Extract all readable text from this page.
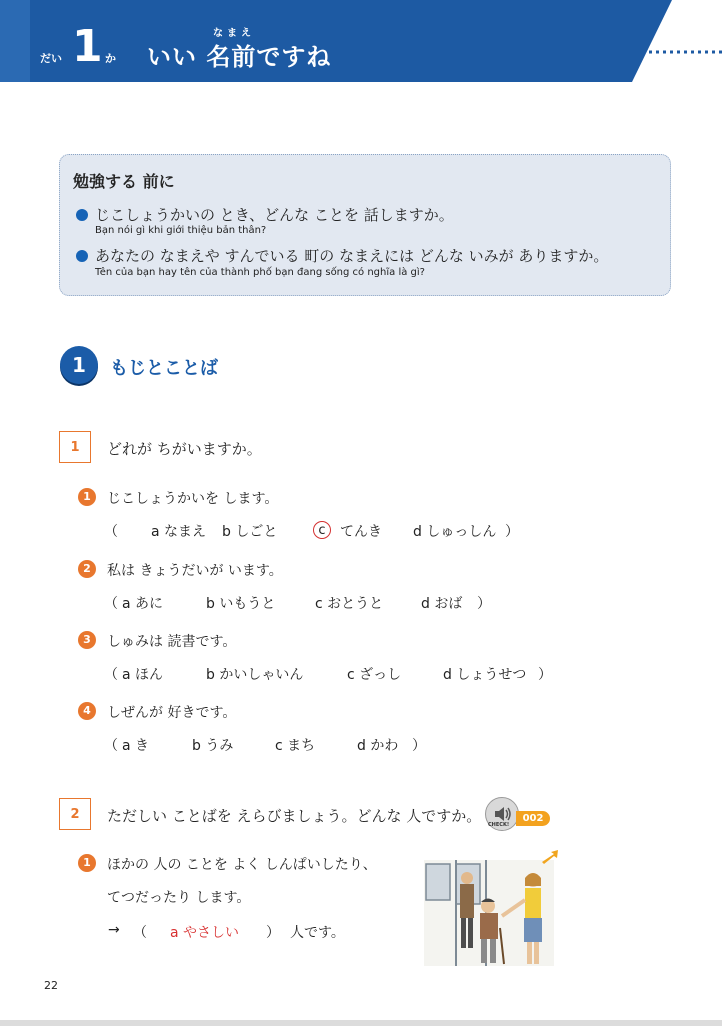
だい 1 か
なまえ
いい 名前ですね
勉強する 前に
じこしょうかいの とき、どんな ことを 話しますか。
Bạn nói gì khi giới thiệu bản thân?
あなたの なまえや すんでいる 町の なまえには どんな いみが ありますか。
Tên của bạn hay tên của thành phố bạn đang sống có nghĩa là gì?
1	もじとことば
1	どれが ちがいますか。
1	じこしょうかいを します。
（ a なまえ b しごと	c	てんき d しゅっしん ）
2	私は きょうだいが います。
（ a あに	b いもうと	c おとうと	d おば ）
3	しゅみは 読書です。
（ a ほん	b かいしゃいん	c ざっし	d しょうせつ ）
4	しぜんが 好きです。
（ a き	b うみ	c まち	d かわ ）
2	ただしい ことばを えらびましょう。どんな 人ですか。 CHECK!
002
1	ほかの 人の ことを よく しんぱいしたり、
てつだったり します。
→ （ a やさしい ） 人です。
22
